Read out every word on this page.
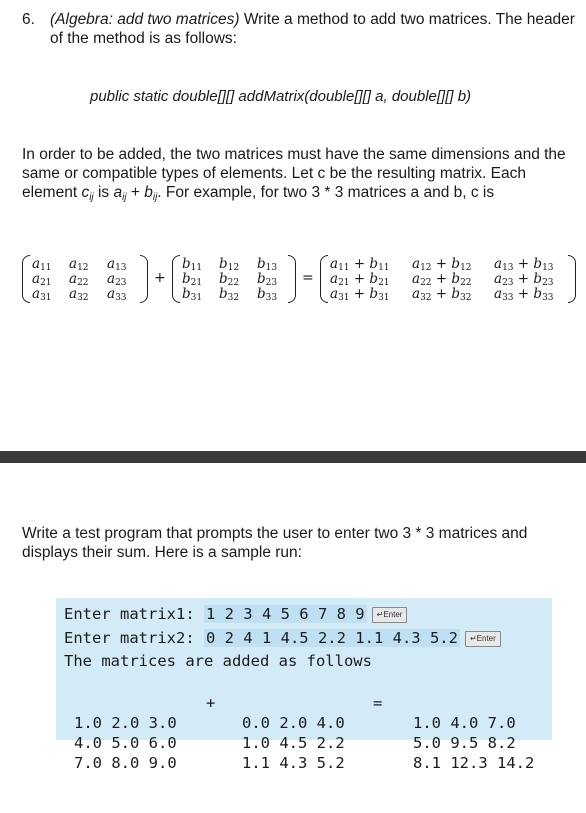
6. (Algebra: add two matrices) Write a method to add two matrices. The header of the method is as follows:
public static double[][] addMatrix(double[][] a, double[][] b)
In order to be added, the two matrices must have the same dimensions and the same or compatible types of elements. Let c be the resulting matrix. Each element $c_{ij}$ is $a_{ij} + b_{ij}$. For example, for two 3 * 3 matrices a and b, c is
$a_{11}$ $a_{12}$ $a_{13}$
$a_{21}$ $a_{22}$ $a_{23}$
$a_{31}$ $a_{32}$ $a_{33}$
+
$b_{11}$ $b_{12}$ $b_{13}$
$b_{21}$ $b_{22}$ $b_{23}$
$b_{31}$ $b_{32}$ $b_{33}$
=
$a_{11} + b_{11}$ $a_{12} + b_{12}$ $a_{13} + b_{13}$
$a_{21} + b_{21}$ $a_{22} + b_{22}$ $a_{23} + b_{23}$
$a_{31} + b_{31}$ $a_{32} + b_{32}$ $a_{33} + b_{33}$
Write a test program that prompts the user to enter two 3 * 3 matrices and displays their sum. Here is a sample run:
Enter matrix1: 1 2 3 4 5 6 7 8 9 ↵Enter
Enter matrix2: 0 2 4 1 4.5 2.2 1.1 4.3 5.2 ↵Enter
The matrices are added as follows

1.0 2.0 3.0
4.0 5.0 6.0
7.0 8.0 9.0

+

0.0 2.0 4.0
1.0 4.5 2.2
1.1 4.3 5.2

=

1.0 4.0 7.0
5.0 9.5 8.2
8.1 12.3 14.2
